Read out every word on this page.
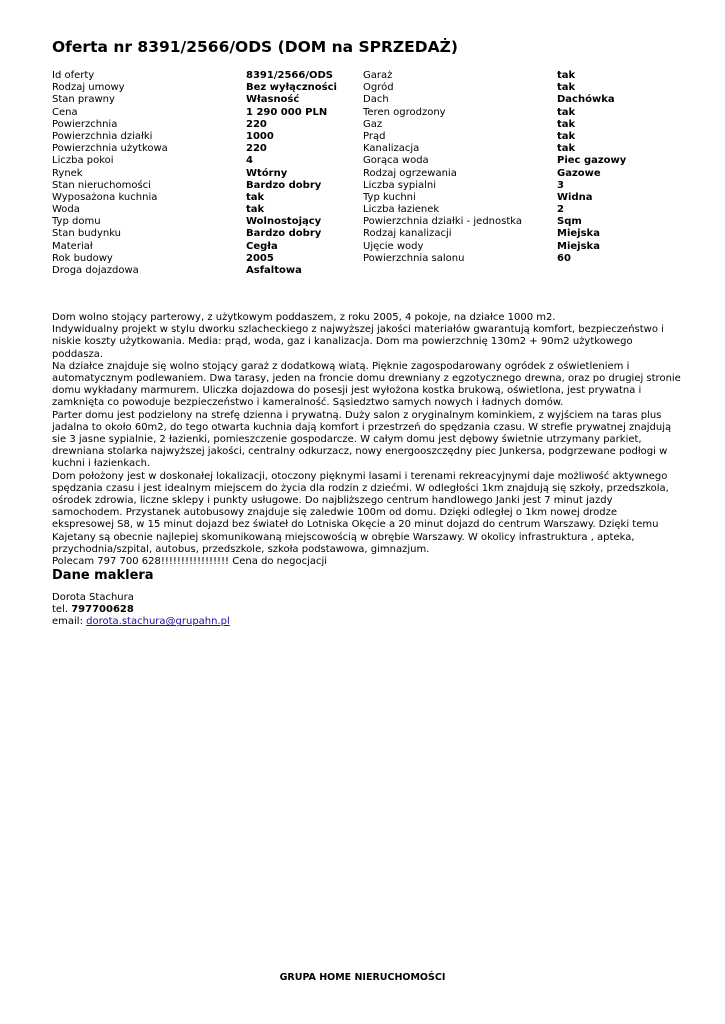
Oferta nr 8391/2566/ODS (DOM na SPRZEDAŻ)
Id oferty	8391/2566/ODS
Rodzaj umowy	Bez wyłączności
Stan prawny	Własność
Cena	1 290 000 PLN
Powierzchnia	220
Powierzchnia działki	1000
Powierzchnia użytkowa	220
Liczba pokoi	4
Rynek	Wtórny
Stan nieruchomości	Bardzo dobry
Wyposażona kuchnia	tak
Woda	tak
Typ domu	Wolnostojący
Stan budynku	Bardzo dobry
Materiał	Cegła
Rok budowy	2005
Droga dojazdowa	Asfaltowa
Garaż	tak
Ogród	tak
Dach	Dachówka
Teren ogrodzony	tak
Gaz	tak
Prąd	tak
Kanalizacja	tak
Gorąca woda	Piec gazowy
Rodzaj ogrzewania	Gazowe
Liczba sypialni	3
Typ kuchni	Widna
Liczba łazienek	2
Powierzchnia działki - jednostka	Sqm
Rodzaj kanalizacji	Miejska
Ujęcie wody	Miejska
Powierzchnia salonu	60

Dom wolno stojący parterowy, z użytkowym poddaszem, z roku 2005, 4 pokoje, na działce 1000 m2.

Indywidualny projekt w stylu dworku szlacheckiego z najwyższej jakości materiałów gwarantują komfort, bezpieczeństwo i niskie koszty użytkowania. Media: prąd, woda, gaz i kanalizacja. Dom ma powierzchnię 130m2 + 90m2 użytkowego poddasza.

Na działce znajduje się wolno stojący garaż z dodatkową wiatą. Pięknie zagospodarowany ogródek z oświetleniem i automatycznym podlewaniem. Dwa tarasy, jeden na froncie domu drewniany z egzotycznego drewna, oraz po drugiej stronie domu wykładany marmurem. Uliczka dojazdowa do posesji jest wyłożona kostka brukową, oświetlona, jest prywatna i zamknięta co powoduje bezpieczeństwo i kameralność. Sąsiedztwo samych nowych i ładnych domów.

Parter domu jest podzielony na strefę dzienna i prywatną. Duży salon z oryginalnym kominkiem, z wyjściem na taras plus jadalna to około 60m2, do tego otwarta kuchnia dają komfort i przestrzeń do spędzania czasu. W strefie prywatnej znajdują sie 3 jasne sypialnie, 2 łazienki, pomieszczenie gospodarcze. W całym domu jest dębowy świetnie utrzymany parkiet, drewniana stolarka najwyższej jakości, centralny odkurzacz, nowy energooszczędny piec Junkersa, podgrzewane podłogi w kuchni i łazienkach.

Dom położony jest w doskonałej lokalizacji, otoczony pięknymi lasami i terenami rekreacyjnymi daje możliwość aktywnego spędzania czasu i jest idealnym miejscem do życia dla rodzin z dziećmi. W odległości 1km znajdują się szkoły, przedszkola, ośrodek zdrowia, liczne sklepy i punkty usługowe. Do najbliższego centrum handlowego Janki jest 7 minut jazdy samochodem. Przystanek autobusowy znajduje się zaledwie 100m od domu. Dzięki odległej o 1km nowej drodze ekspresowej S8, w 15 minut dojazd bez świateł do Lotniska Okęcie a 20 minut dojazd do centrum Warszawy. Dzięki temu Kajetany są obecnie najlepiej skomunikowaną miejscowością w obrębie Warszawy. W okolicy infrastruktura , apteka, przychodnia/szpital, autobus, przedszkole, szkoła podstawowa, gimnazjum.

Polecam 797 700 628!!!!!!!!!!!!!!!!! Cena do negocjacji

Dane maklera
Dorota Stachura
tel. 797700628
email: dorota.stachura@grupahn.pl
GRUPA HOME NIERUCHOMOŚCI
